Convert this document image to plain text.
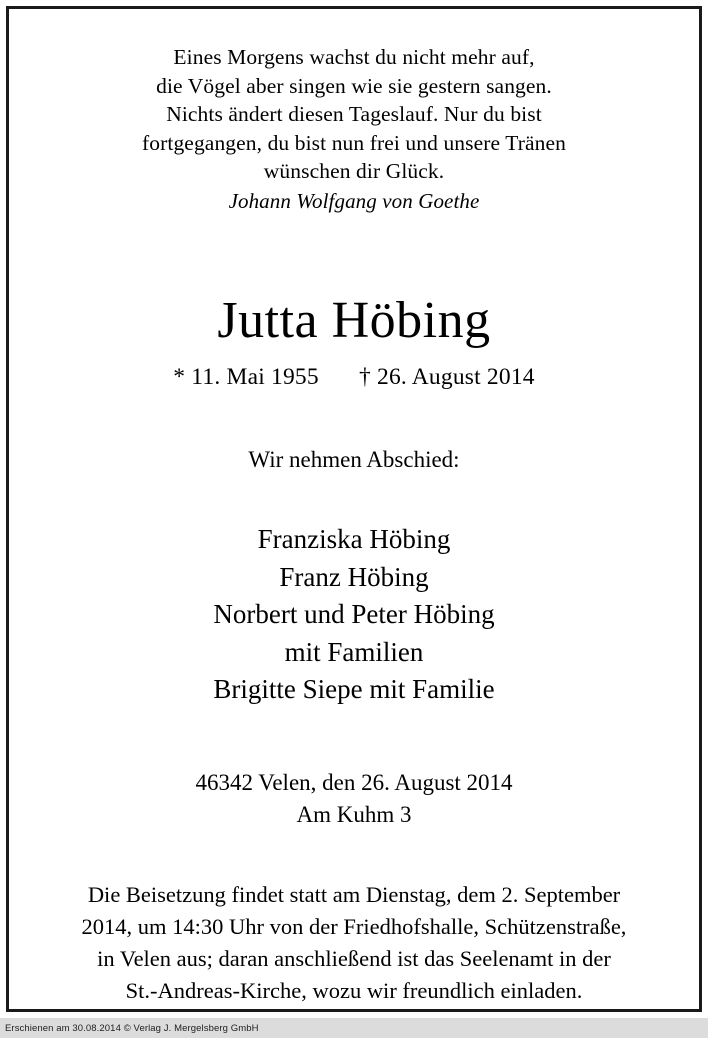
Eines Morgens wachst du nicht mehr auf,
die Vögel aber singen wie sie gestern sangen.
Nichts ändert diesen Tageslauf. Nur du bist
fortgegangen, du bist nun frei und unsere Tränen
wünschen dir Glück.
Johann Wolfgang von Goethe
Jutta Höbing
* 11. Mai 1955 † 26. August 2014
Wir nehmen Abschied:
Franziska Höbing
Franz Höbing
Norbert und Peter Höbing
mit Familien
Brigitte Siepe mit Familie
46342 Velen, den 26. August 2014
Am Kuhm 3
Die Beisetzung findet statt am Dienstag, dem 2. September
2014, um 14:30 Uhr von der Friedhofshalle, Schützenstraße,
in Velen aus; daran anschließend ist das Seelenamt in der
St.-Andreas-Kirche, wozu wir freundlich einladen.
Erschienen am 30.08.2014 © Verlag J. Mergelsberg GmbH
